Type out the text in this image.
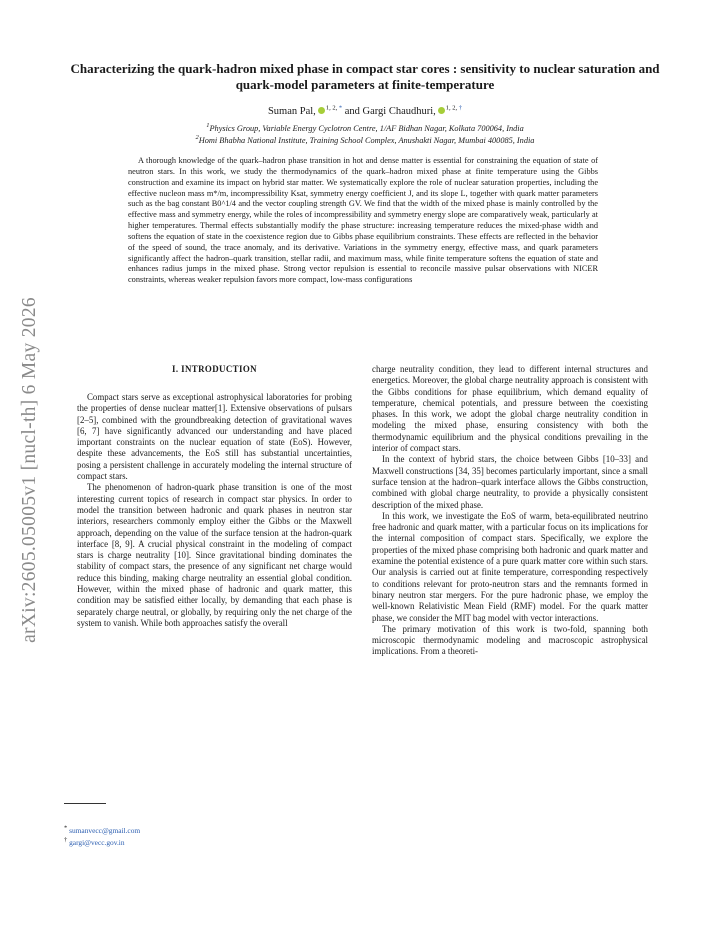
arXiv:2605.05005v1 [nucl-th] 6 May 2026
Characterizing the quark-hadron mixed phase in compact star cores : sensitivity to nuclear saturation and quark-model parameters at finite-temperature
Suman Pal, $^{1, 2,}$ * and Gargi Chaudhuri, $^{1, 2,}$ †
$^1$Physics Group, Variable Energy Cyclotron Centre, 1/AF Bidhan Nagar, Kolkata 700064, India
$^2$Homi Bhabha National Institute, Training School Complex, Anushakti Nagar, Mumbai 400085, India

A thorough knowledge of the quark–hadron phase transition in hot and dense matter is essential for constraining the equation of state of neutron stars. In this work, we study the thermodynamics of the quark–hadron mixed phase at finite temperature using the Gibbs construction and examine its impact on hybrid star matter. We systematically explore the role of nuclear saturation properties, including the effective nucleon mass m*/m, incompressibility Ksat, symmetry energy coefficient J, and its slope L, together with quark matter parameters such as the bag constant B0^1/4 and the vector coupling strength GV. We find that the width of the mixed phase is mainly controlled by the effective mass and symmetry energy, while the roles of incompressibility and symmetry energy slope are comparatively weak, particularly at higher temperatures. Thermal effects substantially modify the phase structure: increasing temperature reduces the mixed-phase width and softens the equation of state in the coexistence region due to Gibbs phase equilibrium constraints. These effects are reflected in the behavior of the speed of sound, the trace anomaly, and its derivative. Variations in the symmetry energy, effective mass, and quark parameters significantly affect the hadron–quark transition, stellar radii, and maximum mass, while finite temperature softens the equation of state and enhances radius jumps in the mixed phase. Strong vector repulsion is essential to reconcile massive pulsar observations with NICER constraints, whereas weaker repulsion favors more compact, low-mass configurations

I. INTRODUCTION

Compact stars serve as exceptional astrophysical laboratories for probing the properties of dense nuclear matter[1]. Extensive observations of pulsars [2–5], combined with the groundbreaking detection of gravitational waves [6, 7] have significantly advanced our understanding and have placed important constraints on the nuclear equation of state (EoS). However, despite these advancements, the EoS still has substantial uncertainties, posing a persistent challenge in accurately modeling the internal structure of compact stars.

The phenomenon of hadron-quark phase transition is one of the most interesting current topics of research in compact star physics. In order to model the transition between hadronic and quark phases in neutron star interiors, researchers commonly employ either the Gibbs or the Maxwell approach, depending on the value of the surface tension at the hadron-quark interface [8, 9]. A crucial physical constraint in the modeling of compact stars is charge neutrality [10]. Since gravitational binding dominates the stability of compact stars, the presence of any significant net charge would reduce this binding, making charge neutrality an essential global condition. However, within the mixed phase of hadronic and quark matter, this condition may be satisfied either locally, by demanding that each phase is separately charge neutral, or globally, by requiring only the net charge of the system to vanish. While both approaches satisfy the overall

charge neutrality condition, they lead to different internal structures and energetics. Moreover, the global charge neutrality approach is consistent with the Gibbs conditions for phase equilibrium, which demand equality of temperature, chemical potentials, and pressure between the coexisting phases. In this work, we adopt the global charge neutrality condition in modeling the mixed phase, ensuring consistency with both the thermodynamic equilibrium and the physical conditions prevailing in the interior of compact stars.

In the context of hybrid stars, the choice between Gibbs [10–33] and Maxwell constructions [34, 35] becomes particularly important, since a small surface tension at the hadron–quark interface allows the Gibbs construction, combined with global charge neutrality, to provide a physically consistent description of the mixed phase.

In this work, we investigate the EoS of warm, beta-equilibrated neutrino free hadronic and quark matter, with a particular focus on its implications for the internal composition of compact stars. Specifically, we explore the properties of the mixed phase comprising both hadronic and quark matter and examine the potential existence of a pure quark matter core within such stars. Our analysis is carried out at finite temperature, corresponding respectively to conditions relevant for proto-neutron stars and the remnants formed in binary neutron star mergers. For the pure hadronic phase, we employ the well-known Relativistic Mean Field (RMF) model. For the quark matter phase, we consider the MIT bag model with vector interactions.

The primary motivation of this work is two-fold, spanning both microscopic thermodynamic modeling and macroscopic astrophysical implications. From a theoreti-

* sumanvecc@gmail.com
† gargi@vecc.gov.in
